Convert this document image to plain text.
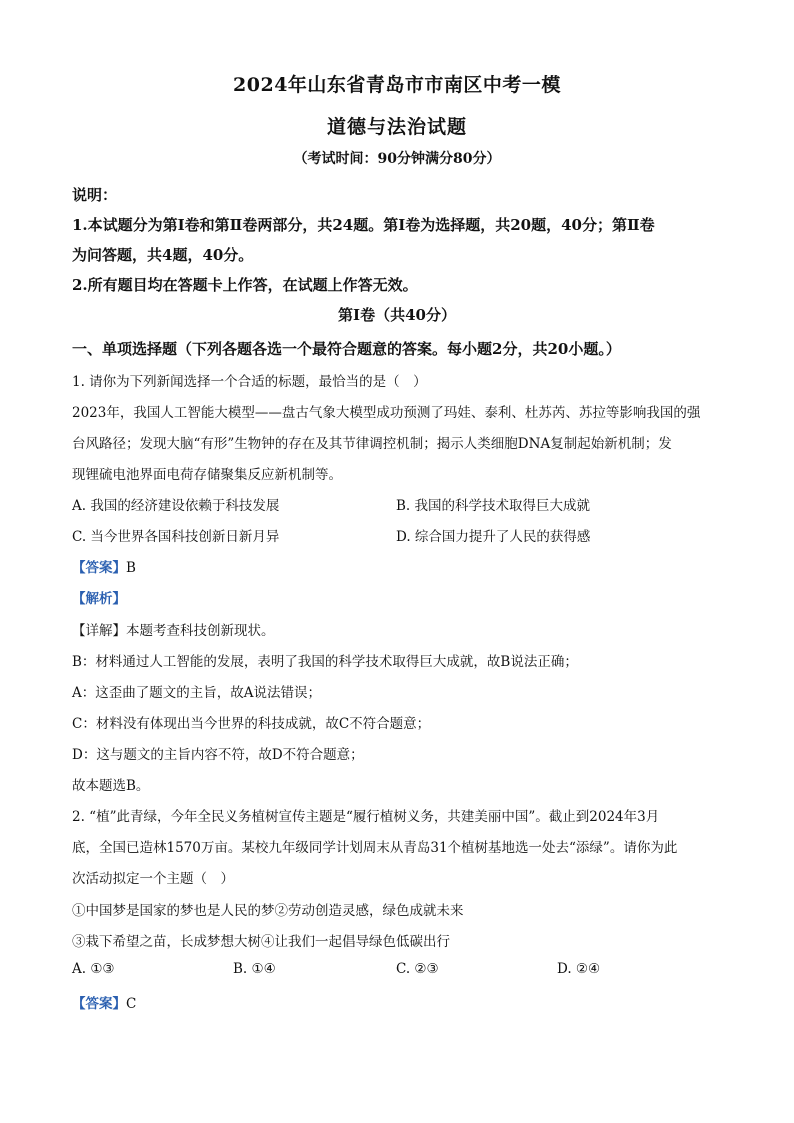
2024年山东省青岛市市南区中考一模
道德与法治试题
（考试时间：90分钟满分80分）
说明：
1.本试题分为第Ⅰ卷和第Ⅱ卷两部分，共24题。第Ⅰ卷为选择题，共20题，40分；第Ⅱ卷
为问答题，共4题，40分。
2.所有题目均在答题卡上作答，在试题上作答无效。
第Ⅰ卷（共40分）
一、单项选择题（下列各题各选一个最符合题意的答案。每小题2分，共20小题。）
1. 请你为下列新闻选择一个合适的标题，最恰当的是（　）
2023年，我国人工智能大模型——盘古气象大模型成功预测了玛娃、泰利、杜苏芮、苏拉等影响我国的强
台风路径；发现大脑“有形”生物钟的存在及其节律调控机制；揭示人类细胞DNA复制起始新机制；发
现锂硫电池界面电荷存储聚集反应新机制等。
A. 我国的经济建设依赖于科技发展	B. 我国的科学技术取得巨大成就
C. 当今世界各国科技创新日新月异	D. 综合国力提升了人民的获得感
【答案】B
【解析】
【详解】本题考查科技创新现状。
B：材料通过人工智能的发展，表明了我国的科学技术取得巨大成就，故B说法正确；
A：这歪曲了题文的主旨，故A说法错误；
C：材料没有体现出当今世界的科技成就，故C不符合题意；
D：这与题文的主旨内容不符，故D不符合题意；
故本题选B。
2. “植”此青绿，今年全民义务植树宣传主题是“履行植树义务，共建美丽中国”。截止到2024年3月
底，全国已造林1570万亩。某校九年级同学计划周末从青岛31个植树基地选一处去“添绿”。请你为此
次活动拟定一个主题（　）
①中国梦是国家的梦也是人民的梦②劳动创造灵感，绿色成就未来
③栽下希望之苗，长成梦想大树④让我们一起倡导绿色低碳出行
A. ①③	B. ①④	C. ②③	D. ②④
【答案】C
